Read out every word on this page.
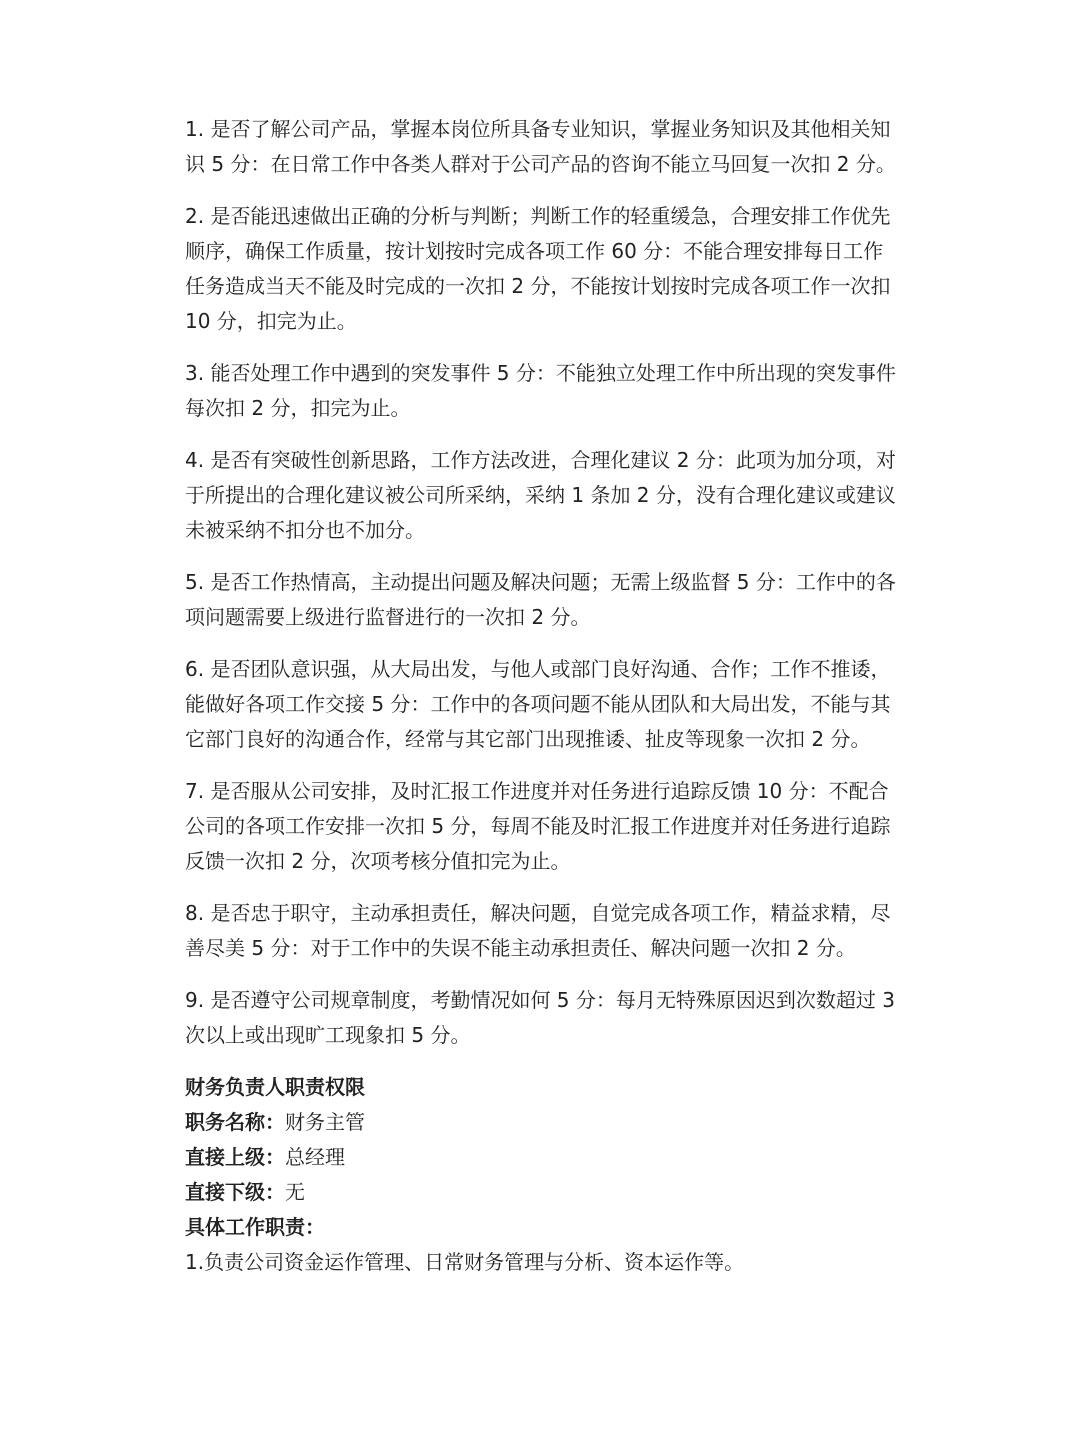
1. 是否了解公司产品，掌握本岗位所具备专业知识，掌握业务知识及其他相关知识 5 分：在日常工作中各类人群对于公司产品的咨询不能立马回复一次扣 2 分。

2. 是否能迅速做出正确的分析与判断；判断工作的轻重缓急，合理安排工作优先顺序，确保工作质量，按计划按时完成各项工作 60 分：不能合理安排每日工作任务造成当天不能及时完成的一次扣 2 分，不能按计划按时完成各项工作一次扣 10 分，扣完为止。

3. 能否处理工作中遇到的突发事件 5 分：不能独立处理工作中所出现的突发事件每次扣 2 分，扣完为止。

4. 是否有突破性创新思路，工作方法改进，合理化建议 2 分：此项为加分项，对于所提出的合理化建议被公司所采纳，采纳 1 条加 2 分，没有合理化建议或建议未被采纳不扣分也不加分。

5. 是否工作热情高，主动提出问题及解决问题；无需上级监督 5 分：工作中的各项问题需要上级进行监督进行的一次扣 2 分。

6. 是否团队意识强，从大局出发，与他人或部门良好沟通、合作；工作不推诿，能做好各项工作交接 5 分：工作中的各项问题不能从团队和大局出发，不能与其它部门良好的沟通合作，经常与其它部门出现推诿、扯皮等现象一次扣 2 分。

7. 是否服从公司安排，及时汇报工作进度并对任务进行追踪反馈 10 分：不配合公司的各项工作安排一次扣 5 分，每周不能及时汇报工作进度并对任务进行追踪反馈一次扣 2 分，次项考核分值扣完为止。

8. 是否忠于职守，主动承担责任，解决问题，自觉完成各项工作，精益求精，尽善尽美 5 分：对于工作中的失误不能主动承担责任、解决问题一次扣 2 分。

9. 是否遵守公司规章制度，考勤情况如何 5 分：每月无特殊原因迟到次数超过 3 次以上或出现旷工现象扣 5 分。

财务负责人职责权限

职务名称：财务主管

直接上级：总经理

直接下级：无

具体工作职责：

1.负责公司资金运作管理、日常财务管理与分析、资本运作等。
